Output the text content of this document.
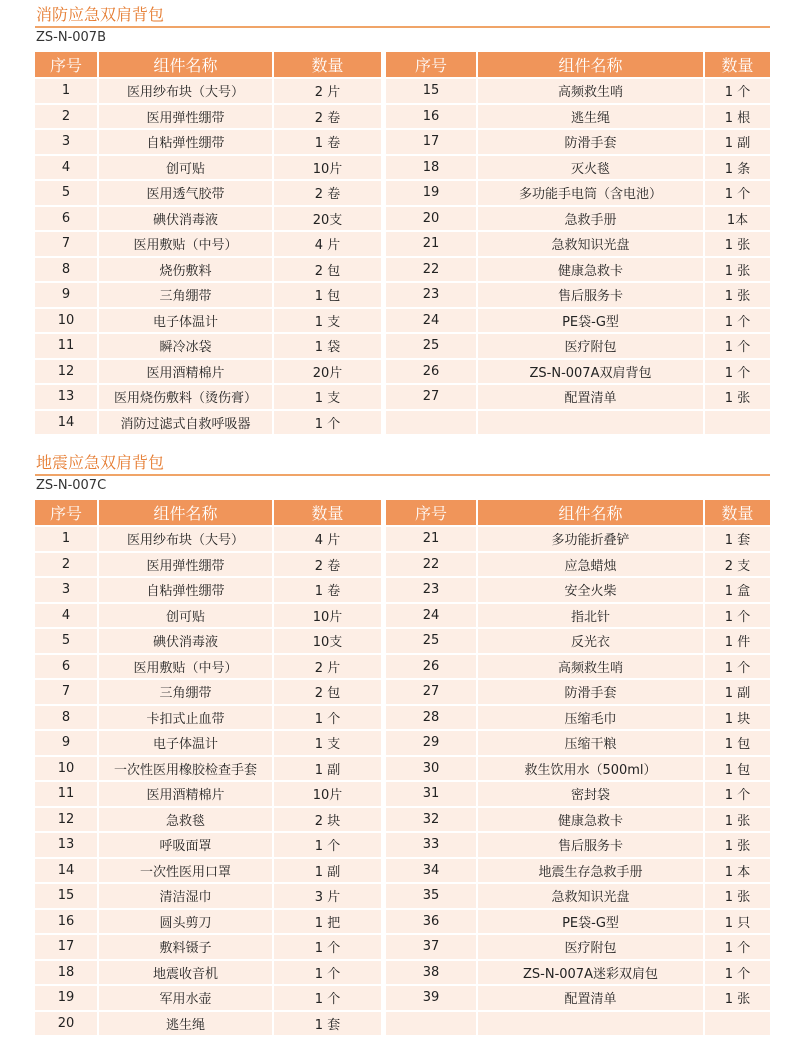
消防应急双肩背包
ZS-N-007B
序号	组件名称	数量
1	医用纱布块（大号）	2 片
2	医用弹性绷带	2 卷
3	自粘弹性绷带	1 卷
4	创可贴	10片
5	医用透气胶带	2 卷
6	碘伏消毒液	20支
7	医用敷贴（中号）	4 片
8	烧伤敷料	2 包
9	三角绷带	1 包
10	电子体温计	1 支
11	瞬冷冰袋	1 袋
12	医用酒精棉片	20片
13	医用烧伤敷料（烫伤膏）	1 支
14	消防过滤式自救呼吸器	1 个
序号	组件名称	数量
15	高频救生哨	1 个
16	逃生绳	1 根
17	防滑手套	1 副
18	灭火毯	1 条
19	多功能手电筒（含电池）	1 个
20	急救手册	1本
21	急救知识光盘	1 张
22	健康急救卡	1 张
23	售后服务卡	1 张
24	PE袋-G型	1 个
25	医疗附包	1 个
26	ZS-N-007A双肩背包	1 个
27	配置清单	1 张

地震应急双肩背包
ZS-N-007C
序号	组件名称	数量
1	医用纱布块（大号）	4 片
2	医用弹性绷带	2 卷
3	自粘弹性绷带	1 卷
4	创可贴	10片
5	碘伏消毒液	10支
6	医用敷贴（中号）	2 片
7	三角绷带	2 包
8	卡扣式止血带	1 个
9	电子体温计	1 支
10	一次性医用橡胶检查手套	1 副
11	医用酒精棉片	10片
12	急救毯	2 块
13	呼吸面罩	1 个
14	一次性医用口罩	1 副
15	清洁湿巾	3 片
16	圆头剪刀	1 把
17	敷料镊子	1 个
18	地震收音机	1 个
19	军用水壶	1 个
20	逃生绳	1 套
序号	组件名称	数量
21	多功能折叠铲	1 套
22	应急蜡烛	2 支
23	安全火柴	1 盒
24	指北针	1 个
25	反光衣	1 件
26	高频救生哨	1 个
27	防滑手套	1 副
28	压缩毛巾	1 块
29	压缩干粮	1 包
30	救生饮用水（500ml）	1 包
31	密封袋	1 个
32	健康急救卡	1 张
33	售后服务卡	1 张
34	地震生存急救手册	1 本
35	急救知识光盘	1 张
36	PE袋-G型	1 只
37	医疗附包	1 个
38	ZS-N-007A迷彩双肩包	1 个
39	配置清单	1 张
